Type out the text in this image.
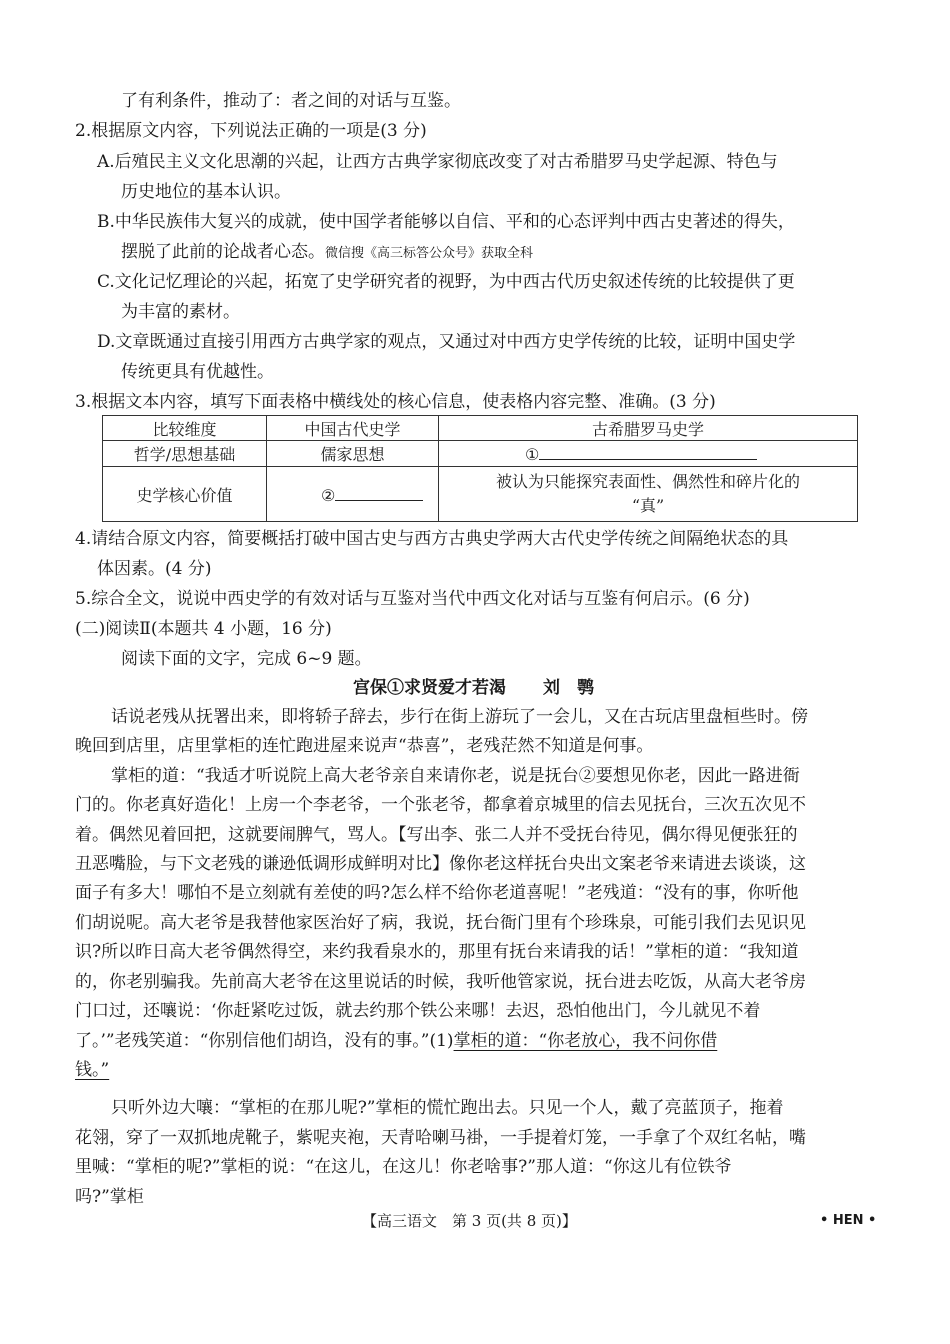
了有利条件，推动了：者之间的对话与互鉴。
2.根据原文内容，下列说法正确的一项是(3 分)
A.后殖民主义文化思潮的兴起，让西方古典学家彻底改变了对古希腊罗马史学起源、特色与
历史地位的基本认识。
B.中华民族伟大复兴的成就，使中国学者能够以自信、平和的心态评判中西古史著述的得失，
摆脱了此前的论战者心态。微信搜《高三标答公众号》获取全科
C.文化记忆理论的兴起，拓宽了史学研究者的视野，为中西古代历史叙述传统的比较提供了更
为丰富的素材。
D.文章既通过直接引用西方古典学家的观点，又通过对中西方史学传统的比较，证明中国史学
传统更具有优越性。
3.根据文本内容，填写下面表格中横线处的核心信息，使表格内容完整、准确。(3 分)
比较维度	中国古代史学	古希腊罗马史学
哲学/思想基础	儒家思想	①
史学核心价值	②	被认为只能探究表面性、偶然性和碎片化的
“真”
4.请结合原文内容，简要概括打破中国古史与西方古典史学两大古代史学传统之间隔绝状态的具
体因素。(4 分)
5.综合全文，说说中西史学的有效对话与互鉴对当代中西文化对话与互鉴有何启示。(6 分)
(二)阅读Ⅱ(本题共 4 小题，16 分)
阅读下面的文字，完成 6~9 题。
宫保①求贤爱才若渴 刘　鹗
话说老残从抚署出来，即将轿子辞去，步行在街上游玩了一会儿，又在古玩店里盘桓些时。傍
晚回到店里，店里掌柜的连忙跑进屋来说声“恭喜”，老残茫然不知道是何事。
掌柜的道：“我适才听说院上高大老爷亲自来请你老，说是抚台②要想见你老，因此一路进衙
门的。你老真好造化！上房一个李老爷，一个张老爷，都拿着京城里的信去见抚台，三次五次见不
着。偶然见着回把，这就要闹脾气，骂人。【写出李、张二人并不受抚台待见，偶尔得见便张狂的
丑恶嘴脸，与下文老残的谦逊低调形成鲜明对比】像你老这样抚台央出文案老爷来请进去谈谈，这
面子有多大！哪怕不是立刻就有差使的吗?怎么样不给你老道喜呢！”老残道：“没有的事，你听他
们胡说呢。高大老爷是我替他家医治好了病，我说，抚台衙门里有个珍珠泉，可能引我们去见识见
识?所以昨日高大老爷偶然得空，来约我看泉水的，那里有抚台来请我的话！”掌柜的道：“我知道
的，你老别骗我。先前高大老爷在这里说话的时候，我听他管家说，抚台进去吃饭，从高大老爷房
门口过，还嚷说：‘你赶紧吃过饭，就去约那个铁公来哪！去迟，恐怕他出门，今儿就见不着
了。’”老残笑道：“你别信他们胡诌，没有的事。”(1)掌柜的道：“你老放心，我不问你借
钱。”
只听外边大嚷：“掌柜的在那儿呢?”掌柜的慌忙跑出去。只见一个人，戴了亮蓝顶子，拖着
花翎，穿了一双抓地虎靴子，紫呢夹袍，天青哈喇马褂，一手提着灯笼，一手拿了个双红名帖，嘴
里喊：“掌柜的呢?”掌柜的说：“在这儿，在这儿！你老啥事?”那人道：“你这儿有位铁爷
吗?”掌柜
【高三语文　第 3 页(共 8 页)】	• HEN •
